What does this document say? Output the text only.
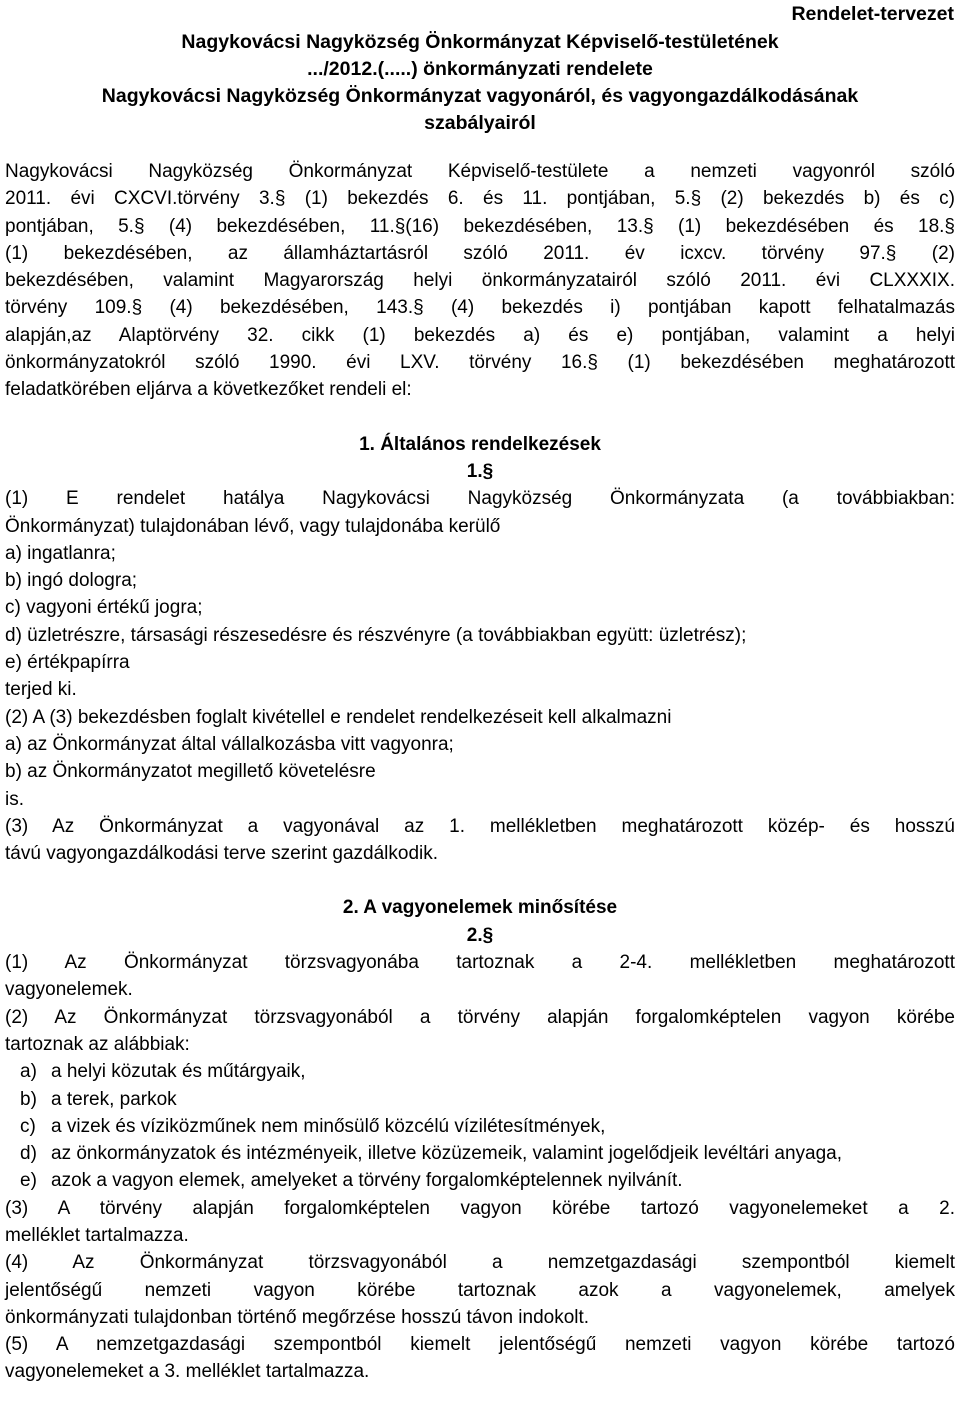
Rendelet-tervezet
Nagykovácsi Nagyközség Önkormányzat Képviselő-testületének
.../2012.(.....) önkormányzati rendelete
Nagykovácsi Nagyközség Önkormányzat vagyonáról, és vagyongazdálkodásának
szabályairól

Nagykovácsi Nagyközség Önkormányzat Képviselő-testülete a nemzeti vagyonról szóló
2011. évi CXCVI.törvény 3.§ (1) bekezdés 6. és 11. pontjában, 5.§ (2) bekezdés b) és c)
pontjában, 5.§ (4) bekezdésében, 11.§(16) bekezdésében, 13.§ (1) bekezdésében és 18.§
(1) bekezdésében, az államháztartásról szóló 2011. év icxcv. törvény 97.§ (2)
bekezdésében, valamint Magyarország helyi önkormányzatairól szóló 2011. évi CLXXXIX.
törvény 109.§ (4) bekezdésében, 143.§ (4) bekezdés i) pontjában kapott felhatalmazás
alapján,az Alaptörvény 32. cikk (1) bekezdés a) és e) pontjában, valamint a helyi
önkormányzatokról szóló 1990. évi LXV. törvény 16.§ (1) bekezdésében meghatározott
feladatkörében eljárva a következőket rendeli el:

1. Általános rendelkezések
1.§

(1) E rendelet hatálya Nagykovácsi Nagyközség Önkormányzata (a továbbiakban:
Önkormányzat) tulajdonában lévő, vagy tulajdonába kerülő
a) ingatlanra;
b) ingó dologra;
c) vagyoni értékű jogra;
d) üzletrészre, társasági részesedésre és részvényre (a továbbiakban együtt: üzletrész);
e) értékpapírra
terjed ki.

(2) A (3) bekezdésben foglalt kivétellel e rendelet rendelkezéseit kell alkalmazni
a) az Önkormányzat által vállalkozásba vitt vagyonra;
b) az Önkormányzatot megillető követelésre
is.

(3) Az Önkormányzat a vagyonával az 1. mellékletben meghatározott közép- és hosszú
távú vagyongazdálkodási terve szerint gazdálkodik.

2. A vagyonelemek minősítése
2.§

(1) Az Önkormányzat törzsvagyonába tartoznak a 2-4. mellékletben meghatározott
vagyonelemek.

(2) Az Önkormányzat törzsvagyonából a törvény alapján forgalomképtelen vagyon körébe
tartoznak az alábbiak:

a) a helyi közutak és műtárgyaik,
b) a terek, parkok
c) a vizek és víziközműnek nem minősülő közcélú vízilétesítmények,
d) az önkormányzatok és intézményeik, illetve közüzemeik, valamint jogelődjeik levéltári anyaga,
e) azok a vagyon elemek, amelyeket a törvény forgalomképtelennek nyilvánít.

(3) A törvény alapján forgalomképtelen vagyon körébe tartozó vagyonelemeket a 2.
melléklet tartalmazza.

(4) Az Önkormányzat törzsvagyonából a nemzetgazdasági szempontból kiemelt
jelentőségű nemzeti vagyon körébe tartoznak azok a vagyonelemek, amelyek
önkormányzati tulajdonban történő megőrzése hosszú távon indokolt.

(5) A nemzetgazdasági szempontból kiemelt jelentőségű nemzeti vagyon körébe tartozó
vagyonelemeket a 3. melléklet tartalmazza.
